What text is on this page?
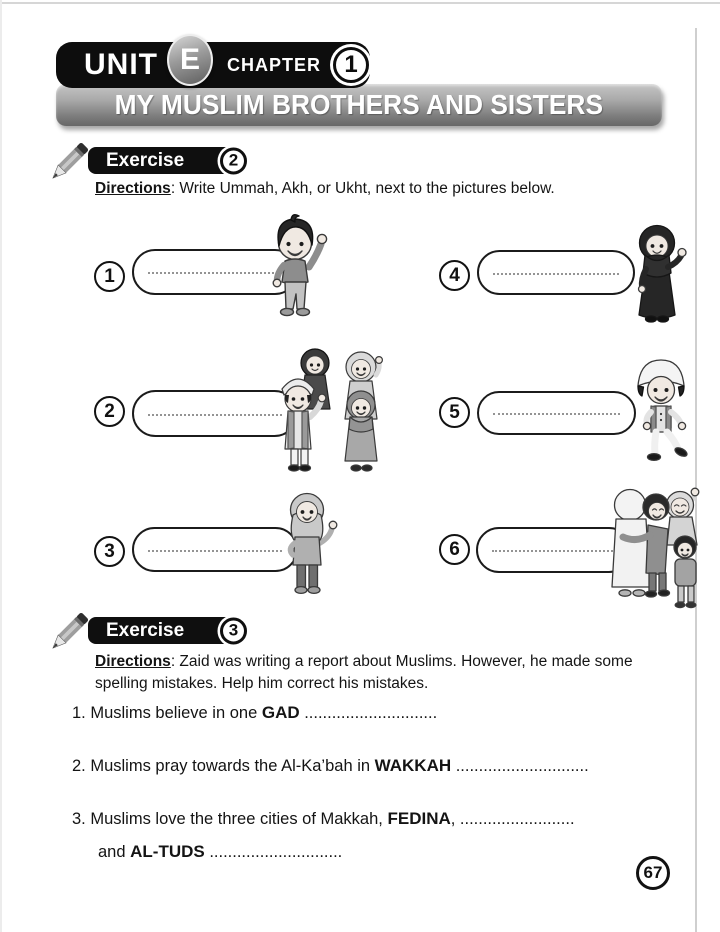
UNIT E	CHAPTER 1
MY MUSLIM BROTHERS AND SISTERS
Exercise	2

Directions: Write Ummah, Akh, or Ukht, next to the pictures below.

1	4
2	5
3	6
Exercise	3

Directions: Zaid was writing a report about Muslims. However, he made some spelling mistakes. Help him correct his mistakes.

1. Muslims believe in one GAD .............................
2. Muslims pray towards the Al-Ka’bah in WAKKAH .............................
3. Muslims love the three cities of Makkah, FEDINA, .........................
and AL-TUDS .............................
67
